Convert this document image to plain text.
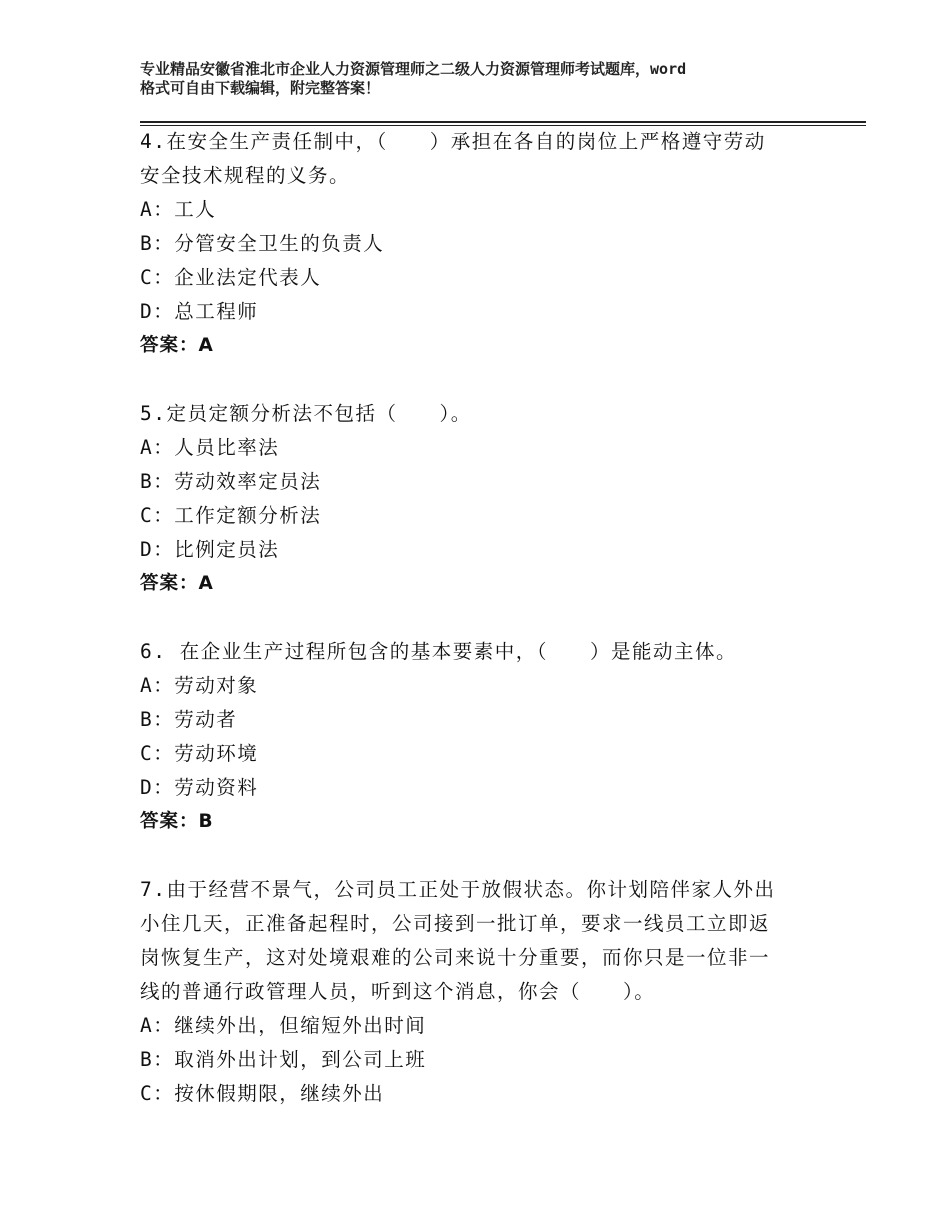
专业精品安徽省淮北市企业人力资源管理师之二级人力资源管理师考试题库，word
格式可自由下载编辑，附完整答案！
4.在安全生产责任制中，（　　）承担在各自的岗位上严格遵守劳动
安全技术规程的义务。
A：工人
B：分管安全卫生的负责人
C：企业法定代表人
D：总工程师
答案：A
5.定员定额分析法不包括（　　）。
A：人员比率法
B：劳动效率定员法
C：工作定额分析法
D：比例定员法
答案：A
6. 在企业生产过程所包含的基本要素中，（　　）是能动主体。
A：劳动对象
B：劳动者
C：劳动环境
D：劳动资料
答案：B
7.由于经营不景气，公司员工正处于放假状态。你计划陪伴家人外出
小住几天，正准备起程时，公司接到一批订单，要求一线员工立即返
岗恢复生产，这对处境艰难的公司来说十分重要，而你只是一位非一
线的普通行政管理人员，听到这个消息，你会（　　）。
A：继续外出，但缩短外出时间
B：取消外出计划，到公司上班
C：按休假期限，继续外出
